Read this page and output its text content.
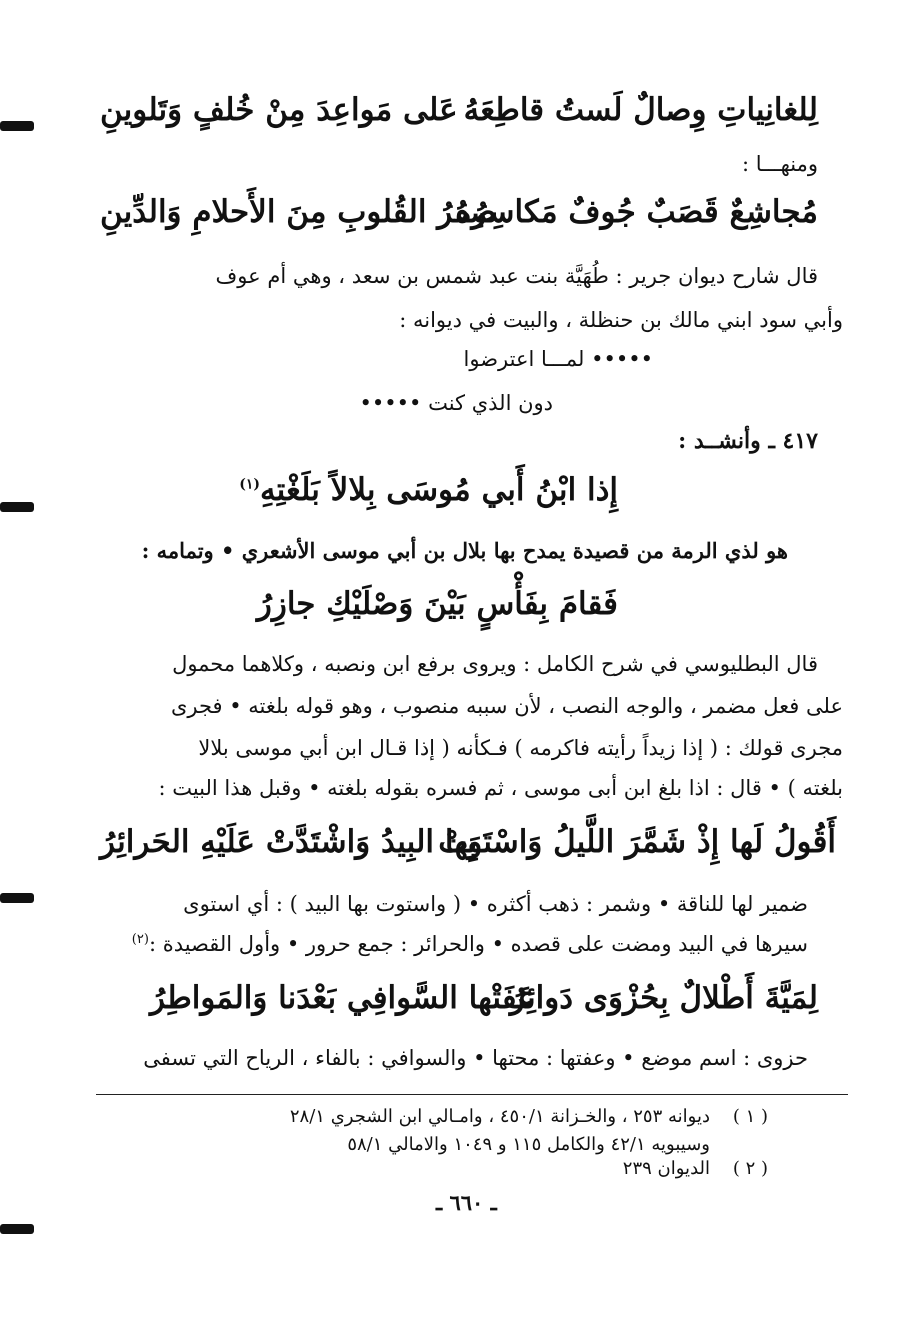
لِلغانِياتِ وِصالٌ لَستُ قاطِعَهُ
عَلى مَواعِدَ مِنْ خُلفٍ وَتَلوينِ
ومنهـــا :
مُجاشِعٌ قَصَبٌ جُوفٌ مَكاسِرُهُ
صِفرُ القُلوبِ مِنَ الأَحلامِ وَالدِّينِ
قال شارح ديوان جرير : طُهَيَّة بنت عبد شمس بن سعد ، وهي أم عوف
وأبي سود ابني مالك بن حنظلة ، والبيت في ديوانه :
••••• لمـــا اعترضوا
دون الذي كنت •••••
٤١٧ ـ وأنشــد :
إِذا ابْنُ أَبي مُوسَى بِلالاً بَلَغْتِهِ$^{(١)}$
هو لذي الرمة من قصيدة يمدح بها بلال بن أبي موسى الأشعري • وتمامه :
فَقامَ بِفَأْسٍ بَيْنَ وَصْلَيْكِ جازِرُ
قال البطليوسي في شرح الكامل : ويروى برفع ابن ونصبه ، وكلاهما محمول
على فعل مضمر ، والوجه النصب ، لأن سببه منصوب ، وهو قوله بلغته • فجرى
مجرى قولك : ( إذا زيداً رأيته فاكرمه ) فـكأنه ( إذا قـال ابن أبي موسى بلالا
بلغته ) • قال : اذا بلغ ابن أبى موسى ، ثم فسره بقوله بلغته • وقبل هذا البيت :
أَقُولُ لَها إِذْ شَمَّرَ اللَّيلُ وَاسْتَوَتْ
بِها البِيدُ وَاشْتَدَّتْ عَلَيْهِ الحَرائِرُ
ضمير لها للناقة • وشمر : ذهب أكثره • ( واستوت بها البيد ) : أي استوى
سيرها في البيد ومضت على قصده • والحرائر : جمع حرور • وأول القصيدة :$^{(٢)}$
لِمَيَّةَ أَطْلالٌ بِحُزْوَى دَوائِرُ
عَفَتْها السَّوافِي بَعْدَنا وَالمَواطِرُ
حزوى : اسم موضع • وعفتها : محتها • والسوافي : بالفاء ، الرياح التي تسفى
( ١ )
ديوانه ٢٥٣ ، والخـزانة ٤٥٠/١ ، وامـالي ابن الشجري ٢٨/١
وسيبويه ٤٢/١ والكامل ١١٥ و ١٠٤٩ والامالي ٥٨/١
( ٢ )
الديوان ٢٣٩
ـ ٦٦٠ ـ
